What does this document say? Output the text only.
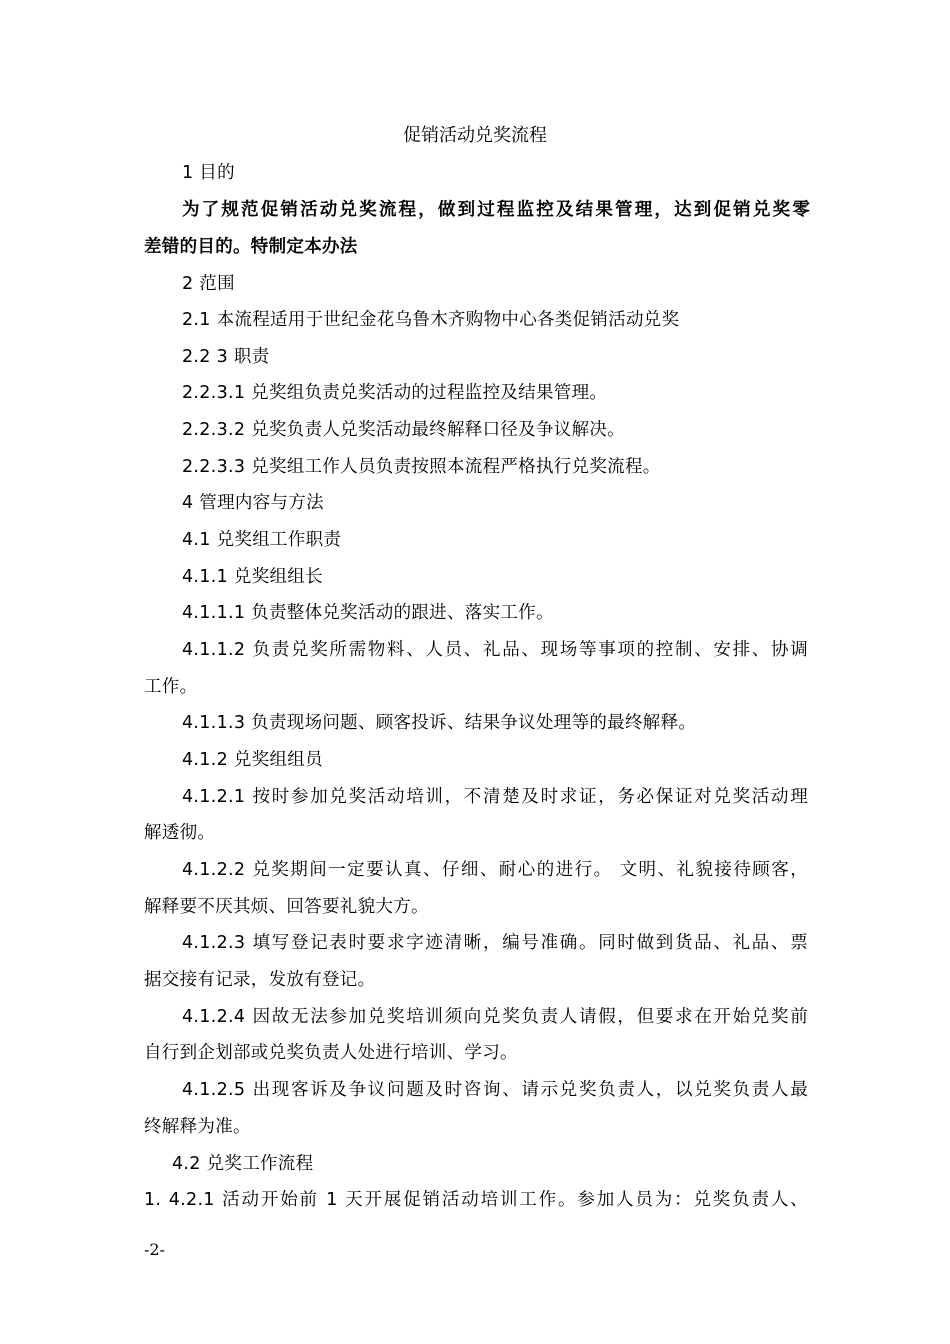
促销活动兑奖流程

1 目的

为了规范促销活动兑奖流程，做到过程监控及结果管理，达到促销兑奖零

差错的目的。特制定本办法

2 范围

2.1 本流程适用于世纪金花乌鲁木齐购物中心各类促销活动兑奖

2.2 3 职责

2.2.3.1 兑奖组负责兑奖活动的过程监控及结果管理。

2.2.3.2 兑奖负责人兑奖活动最终解释口径及争议解决。

2.2.3.3 兑奖组工作人员负责按照本流程严格执行兑奖流程。

4 管理内容与方法

4.1 兑奖组工作职责

4.1.1 兑奖组组长

4.1.1.1 负责整体兑奖活动的跟进、落实工作。

4.1.1.2 负责兑奖所需物料、人员、礼品、现场等事项的控制、安排、协调

工作。

4.1.1.3 负责现场问题、顾客投诉、结果争议处理等的最终解释。

4.1.2 兑奖组组员

4.1.2.1 按时参加兑奖活动培训，不清楚及时求证，务必保证对兑奖活动理

解透彻。

4.1.2.2 兑奖期间一定要认真、仔细、耐心的进行。 文明、礼貌接待顾客，

解释要不厌其烦、回答要礼貌大方。

4.1.2.3 填写登记表时要求字迹清晰，编号准确。同时做到货品、礼品、票

据交接有记录，发放有登记。

4.1.2.4 因故无法参加兑奖培训须向兑奖负责人请假，但要求在开始兑奖前

自行到企划部或兑奖负责人处进行培训、学习。

4.1.2.5 出现客诉及争议问题及时咨询、请示兑奖负责人，以兑奖负责人最

终解释为准。

4.2 兑奖工作流程

1. 4.2.1 活动开始前 1 天开展促销活动培训工作。参加人员为：兑奖负责人、

-2-
